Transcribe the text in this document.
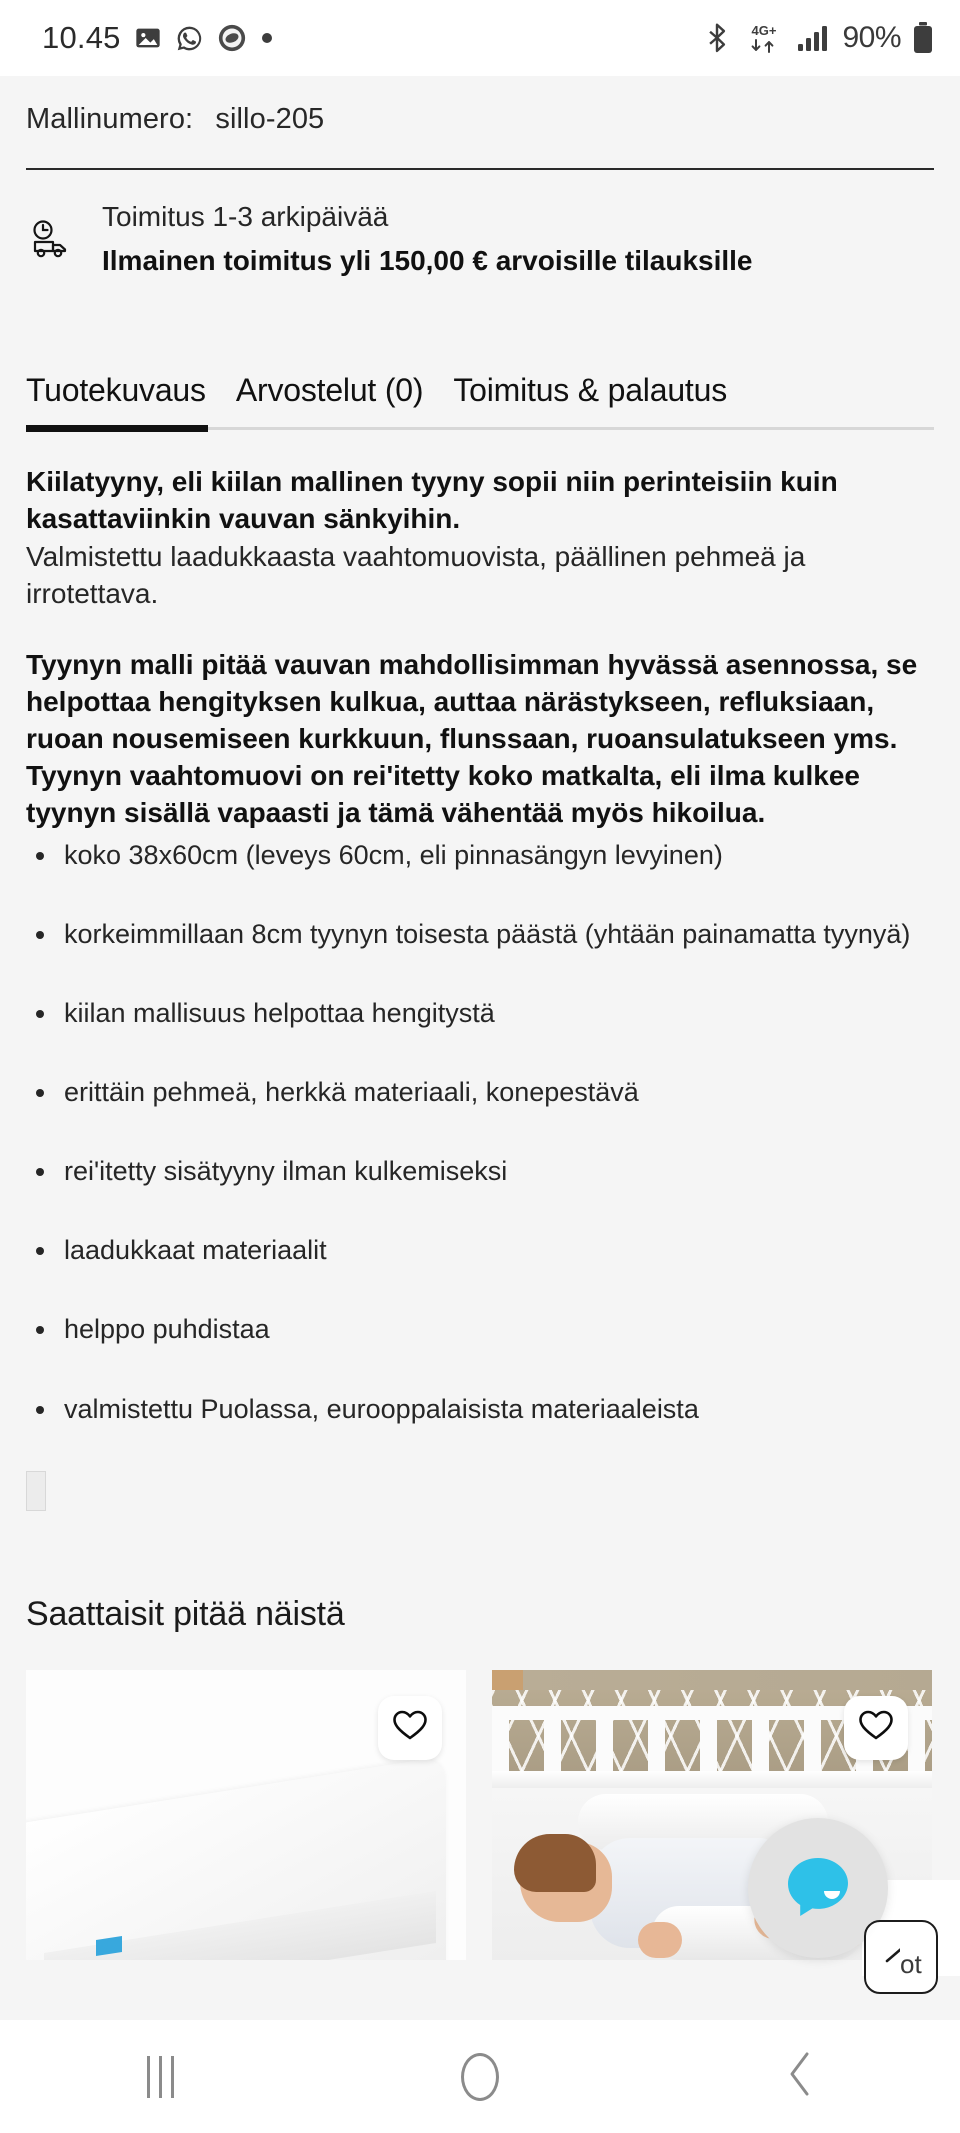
10.45	4G+ 90%
Mallinumero: sillo-205
Toimitus 1-3 arkipäivää
Ilmainen toimitus yli 150,00 € arvoisille tilauksille
Tuotekuvaus Arvostelut (0) Toimitus & palautus
Kiilatyyny, eli kiilan mallinen tyyny sopii niin perinteisiin kuin kasattaviinkin vauvan sänkyihin.
Valmistettu laadukkaasta vaahtomuovista, päällinen pehmeä ja irrotettava.
Tyynyn malli pitää vauvan mahdollisimman hyvässä asennossa, se helpottaa hengityksen kulkua, auttaa närästykseen, refluksiaan, ruoan nousemiseen kurkkuun, flunssaan, ruoansulatukseen yms. Tyynyn vaahtomuovi on rei'itetty koko matkalta, eli ilma kulkee tyynyn sisällä vapaasti ja tämä vähentää myös hikoilua.
koko 38x60cm (leveys 60cm, eli pinnasängyn levyinen)
korkeimmillaan 8cm tyynyn toisesta päästä (yhtään painamatta tyynyä)
kiilan mallisuus helpottaa hengitystä
erittäin pehmeä, herkkä materiaali, konepestävä
rei'itetty sisätyyny ilman kulkemiseksi
laadukkaat materiaalit
helppo puhdistaa
valmistettu Puolassa, eurooppalaisista materiaaleista
Saattaisit pitää näistä
ot
